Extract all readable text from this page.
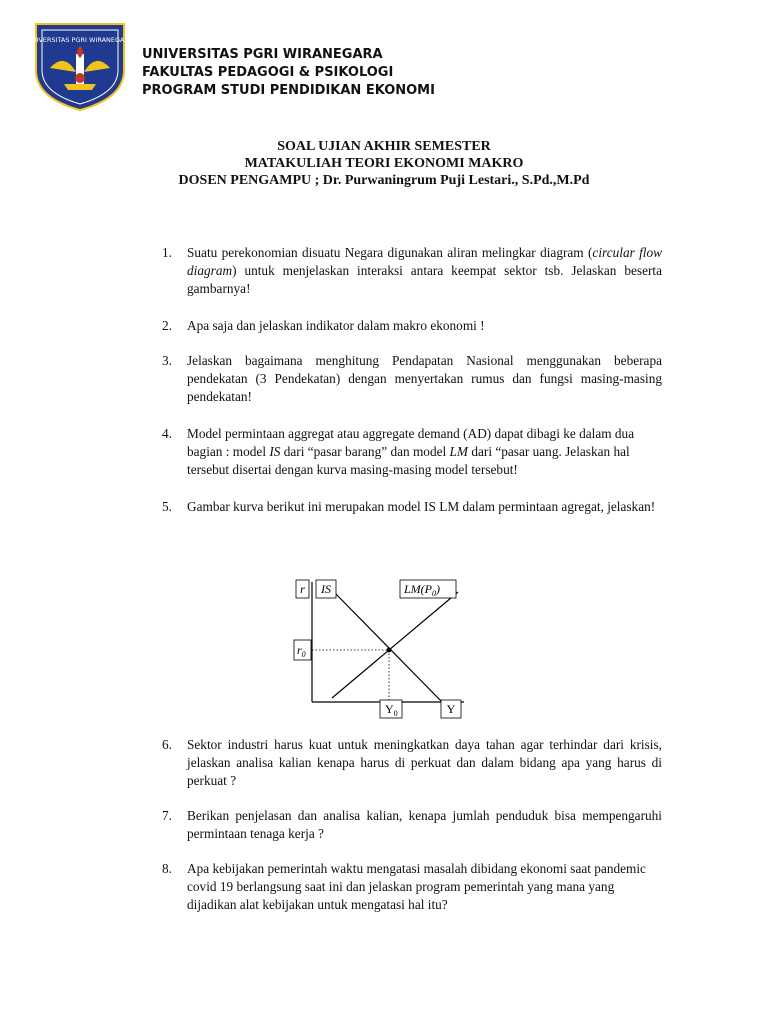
UNIVERSITAS PGRI WIRANEGARA
UNIVERSITAS PGRI WIRANEGARA
FAKULTAS PEDAGOGI & PSIKOLOGI
PROGRAM STUDI PENDIDIKAN EKONOMI
SOAL UJIAN AKHIR SEMESTER
MATAKULIAH TEORI EKONOMI MAKRO
DOSEN PENGAMPU ; Dr. Purwaningrum Puji Lestari., S.Pd.,M.Pd
1.	Suatu perekonomian disuatu Negara digunakan aliran melingkar diagram (circular flow diagram) untuk menjelaskan interaksi antara keempat sektor tsb. Jelaskan beserta gambarnya!
2.	Apa saja dan jelaskan indikator dalam makro ekonomi !
3.	Jelaskan bagaimana menghitung Pendapatan Nasional menggunakan beberapa pendekatan (3 Pendekatan) dengan menyertakan rumus dan fungsi masing-masing pendekatan!
4.	Model permintaan aggregat atau aggregate demand (AD) dapat dibagi ke dalam dua bagian : model IS dari “pasar barang” dan model LM dari “pasar uang. Jelaskan hal tersebut disertai dengan kurva masing-masing model tersebut!
5.	Gambar kurva berikut ini merupakan model IS LM dalam permintaan agregat, jelaskan!
r IS	$LM(P_0)$
$r_0$
$Y_0$	Y
6.	Sektor industri harus kuat untuk meningkatkan daya tahan agar terhindar dari krisis, jelaskan analisa kalian kenapa harus di perkuat dan dalam bidang apa yang harus di perkuat ?
7.	Berikan penjelasan dan analisa kalian, kenapa jumlah penduduk bisa mempengaruhi permintaan tenaga kerja ?
8.	Apa kebijakan pemerintah waktu mengatasi masalah dibidang ekonomi saat pandemic covid 19 berlangsung saat ini dan jelaskan program pemerintah yang mana yang dijadikan alat kebijakan untuk mengatasi hal itu?
